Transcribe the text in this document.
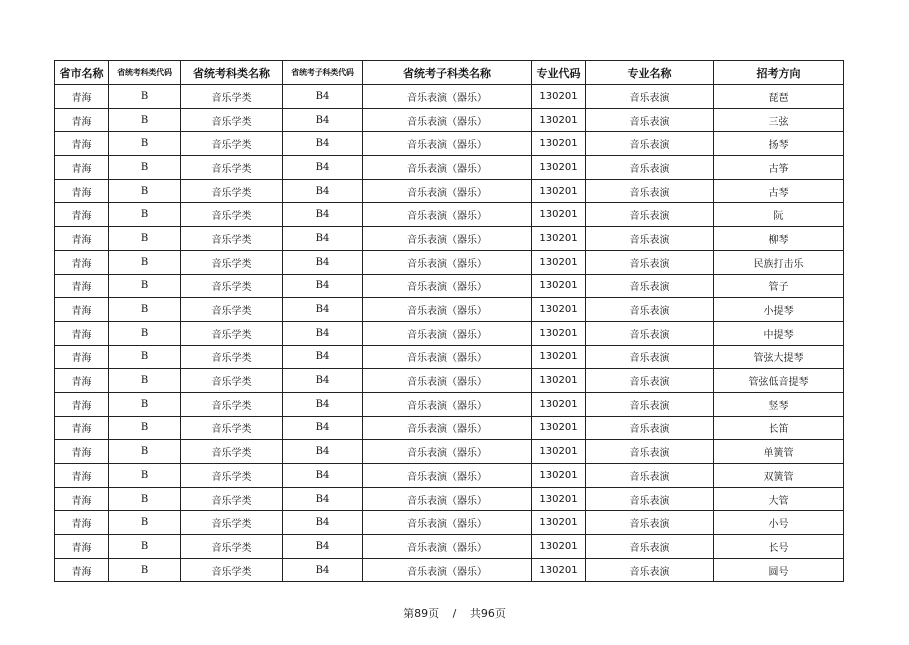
省市名称	省统考科类代码	省统考科类名称	省统考子科类代码	省统考子科类名称	专业代码	专业名称	招考方向
青海	B	音乐学类	B4	音乐表演（器乐）	130201	音乐表演	琵琶
青海	B	音乐学类	B4	音乐表演（器乐）	130201	音乐表演	三弦
青海	B	音乐学类	B4	音乐表演（器乐）	130201	音乐表演	扬琴
青海	B	音乐学类	B4	音乐表演（器乐）	130201	音乐表演	古筝
青海	B	音乐学类	B4	音乐表演（器乐）	130201	音乐表演	古琴
青海	B	音乐学类	B4	音乐表演（器乐）	130201	音乐表演	阮
青海	B	音乐学类	B4	音乐表演（器乐）	130201	音乐表演	柳琴
青海	B	音乐学类	B4	音乐表演（器乐）	130201	音乐表演	民族打击乐
青海	B	音乐学类	B4	音乐表演（器乐）	130201	音乐表演	管子
青海	B	音乐学类	B4	音乐表演（器乐）	130201	音乐表演	小提琴
青海	B	音乐学类	B4	音乐表演（器乐）	130201	音乐表演	中提琴
青海	B	音乐学类	B4	音乐表演（器乐）	130201	音乐表演	管弦大提琴
青海	B	音乐学类	B4	音乐表演（器乐）	130201	音乐表演	管弦低音提琴
青海	B	音乐学类	B4	音乐表演（器乐）	130201	音乐表演	竖琴
青海	B	音乐学类	B4	音乐表演（器乐）	130201	音乐表演	长笛
青海	B	音乐学类	B4	音乐表演（器乐）	130201	音乐表演	单簧管
青海	B	音乐学类	B4	音乐表演（器乐）	130201	音乐表演	双簧管
青海	B	音乐学类	B4	音乐表演（器乐）	130201	音乐表演	大管
青海	B	音乐学类	B4	音乐表演（器乐）	130201	音乐表演	小号
青海	B	音乐学类	B4	音乐表演（器乐）	130201	音乐表演	长号
青海	B	音乐学类	B4	音乐表演（器乐）	130201	音乐表演	圆号
第89页 / 共96页
